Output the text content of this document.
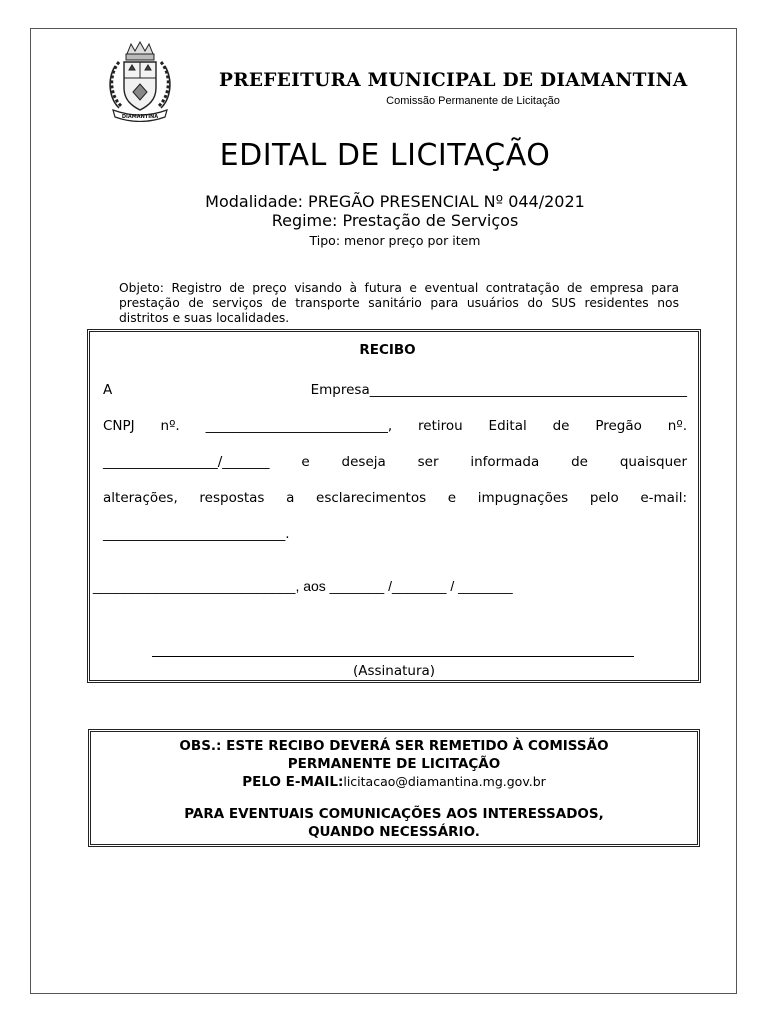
DIAMANTINA
PREFEITURA MUNICIPAL DE DIAMANTINA
Comissão Permanente de Licitação
EDITAL DE LICITAÇÃO
Modalidade: PREGÃO PRESENCIAL Nº 044/2021
Regime: Prestação de Serviços
Tipo: menor preço por item
Objeto: Registro de preço visando à futura e eventual contratação de empresa para prestação de serviços de transporte sanitário para usuários do SUS residentes nos distritos e suas localidades.
RECIBO
A Empresa_______________________________________________
CNPJ nº. ___________________________, retirou Edital de Pregão nº.
_________________/_______ e deseja ser informada de quaisquer
alterações, respostas a esclarecimentos e impugnações pelo e-mail:
___________________________.
__________________________, aos _______ /_______ / _______
(Assinatura)
OBS.: ESTE RECIBO DEVERÁ SER REMETIDO À COMISSÃO
PERMANENTE DE LICITAÇÃO
PELO E-MAIL:licitacao@diamantina.mg.gov.br
PARA EVENTUAIS COMUNICAÇÕES AOS INTERESSADOS,
QUANDO NECESSÁRIO.
